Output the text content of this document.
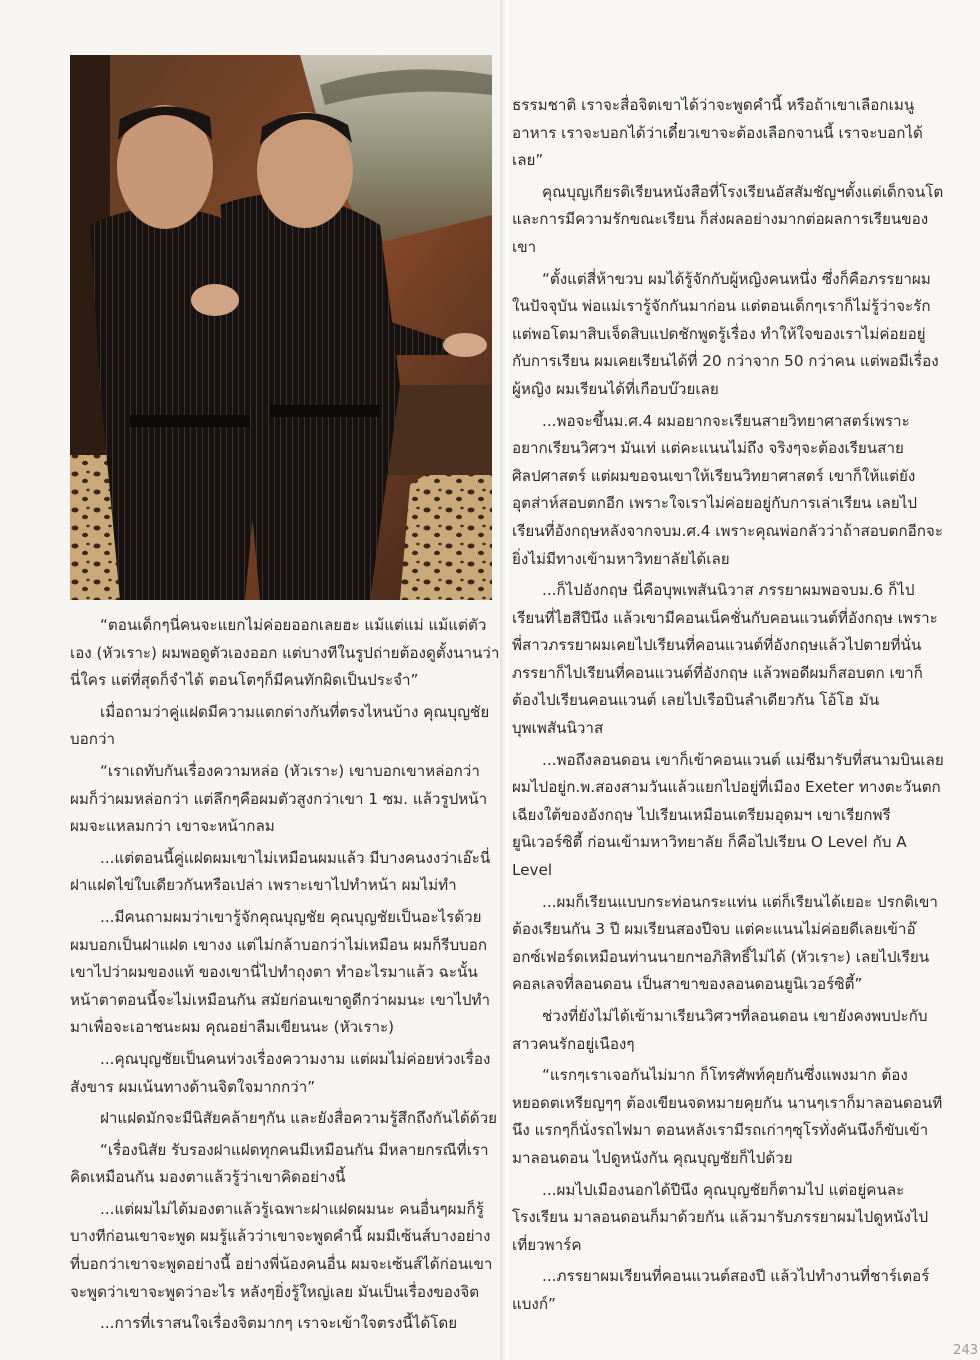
“ตอนเด็กๆนี่คนจะแยกไม่ค่อยออกเลยฮะ แม้แต่แม่ แม้แต่ตัวเอง (หัวเราะ) ผมพอดูตัวเองออก แต่บางทีในรูปถ่ายต้องดูตั้งนานว่านี่ใคร แต่ที่สุดก็จำได้ ตอนโตๆก็มีคนทักผิดเป็นประจำ”

เมื่อถามว่าคู่แฝดมีความแตกต่างกันที่ตรงไหนบ้าง คุณบุญชัยบอกว่า

“เราเถทับกันเรื่องความหล่อ (หัวเราะ) เขาบอกเขาหล่อกว่า ผมก็ว่าผมหล่อกว่า แต่ลึกๆคือผมตัวสูงกว่าเขา 1 ซม. แล้วรูปหน้าผมจะแหลมกว่า เขาจะหน้ากลม

...แต่ตอนนี้คู่แฝดผมเขาไม่เหมือนผมแล้ว มีบางคนงงว่าเอ๊ะนี่ฝาแฝดไข่ใบเดียวกันหรือเปล่า เพราะเขาไปทำหน้า ผมไม่ทำ

...มีคนถามผมว่าเขารู้จักคุณบุญชัย คุณบุญชัยเป็นอะไรด้วย ผมบอกเป็นฝาแฝด เขางง แต่ไม่กล้าบอกว่าไม่เหมือน ผมก็รีบบอกเขาไปว่าผมของแท้ ของเขานี่ไปทำถุงตา ทำอะไรมาแล้ว ฉะนั้นหน้าตาตอนนี้จะไม่เหมือนกัน สมัยก่อนเขาดูดีกว่าผมนะ เขาไปทำมาเพื่อจะเอาชนะผม คุณอย่าลืมเขียนนะ (หัวเราะ)

...คุณบุญชัยเป็นคนห่วงเรื่องความงาม แต่ผมไม่ค่อยห่วงเรื่องสังขาร ผมเน้นทางด้านจิตใจมากกว่า”

ฝาแฝดมักจะมีนิสัยคล้ายๆกัน และยังสื่อความรู้สึกถึงกันได้ด้วย

“เรื่องนิสัย รับรองฝาแฝดทุกคนมีเหมือนกัน มีหลายกรณีที่เราคิดเหมือนกัน มองตาแล้วรู้ว่าเขาคิดอย่างนี้

...แต่ผมไม่ได้มองตาแล้วรู้เฉพาะฝาแฝดผมนะ คนอื่นๆผมก็รู้บางทีก่อนเขาจะพูด ผมรู้แล้วว่าเขาจะพูดคำนี้ ผมมีเซ้นส์บางอย่างที่บอกว่าเขาจะพูดอย่างนี้ อย่างพี่น้องคนอื่น ผมจะเซ้นส์ได้ก่อนเขาจะพูดว่าเขาจะพูดว่าอะไร หลังๆยิ่งรู้ใหญ่เลย มันเป็นเรื่องของจิต

...การที่เราสนใจเรื่องจิตมากๆ เราจะเข้าใจตรงนี้ได้โดย

ธรรมชาติ เราจะสื่อจิตเขาได้ว่าจะพูดคำนี้ หรือถ้าเขาเลือกเมนูอาหาร เราจะบอกได้ว่าเดี๋ยวเขาจะต้องเลือกจานนี้ เราจะบอกได้เลย”

คุณบุญเกียรติเรียนหนังสือที่โรงเรียนอัสสัมชัญฯตั้งแต่เด็กจนโต และการมีความรักขณะเรียน ก็ส่งผลอย่างมากต่อผลการเรียนของเขา

“ตั้งแต่สี่ห้าขวบ ผมได้รู้จักกับผู้หญิงคนหนึ่ง ซึ่งก็คือภรรยาผมในปัจจุบัน พ่อแม่เรารู้จักกันมาก่อน แต่ตอนเด็กๆเราก็ไม่รู้ว่าจะรัก แต่พอโตมาสิบเจ็ดสิบแปดชักพูดรู้เรื่อง ทำให้ใจของเราไม่ค่อยอยู่กับการเรียน ผมเคยเรียนได้ที่ 20 กว่าจาก 50 กว่าคน แต่พอมีเรื่องผู้หญิง ผมเรียนได้ที่เกือบบ๊วยเลย

...พอจะขึ้นม.ศ.4 ผมอยากจะเรียนสายวิทยาศาสตร์เพราะอยากเรียนวิศวฯ มันเท่ แต่คะแนนไม่ถึง จริงๆจะต้องเรียนสายศิลปศาสตร์ แต่ผมขอจนเขาให้เรียนวิทยาศาสตร์ เขาก็ให้แต่ยังอุตส่าห์สอบตกอีก เพราะใจเราไม่ค่อยอยู่กับการเล่าเรียน เลยไปเรียนที่อังกฤษหลังจากจบม.ศ.4 เพราะคุณพ่อกลัวว่าถ้าสอบตกอีกจะยิ่งไม่มีทางเข้ามหาวิทยาลัยได้เลย

...ก็ไปอังกฤษ นี่คือบุพเพสันนิวาส ภรรยาผมพอจบม.6 ก็ไปเรียนที่ไฮสีปีนึง แล้วเขามีคอนเน็คชั่นกับคอนแวนต์ที่อังกฤษ เพราะพี่สาวภรรยาผมเคยไปเรียนที่คอนแวนต์ที่อังกฤษแล้วไปตายที่นั่น ภรรยาก็ไปเรียนที่คอนแวนต์ที่อังกฤษ แล้วพอดีผมก็สอบตก เขาก็ต้องไปเรียนคอนแวนต์ เลยไปเรือบินลำเดียวกัน โอ้โฮ มันบุพเพสันนิวาส

...พอถึงลอนดอน เขาก็เข้าคอนแวนต์ แม่ชีมารับที่สนามบินเลย ผมไปอยู่ก.พ.สองสามวันแล้วแยกไปอยู่ที่เมือง Exeter ทางตะวันตกเฉียงใต้ของอังกฤษ ไปเรียนเหมือนเตรียมอุดมฯ เขาเรียกพรี ยูนิเวอร์ซิตี้ ก่อนเข้ามหาวิทยาลัย ก็คือไปเรียน O Level กับ A Level

...ผมก็เรียนแบบกระท่อนกระแท่น แต่ก็เรียนได้เยอะ ปรกติเขาต้องเรียนกัน 3 ปี ผมเรียนสองปีจบ แต่คะแนนไม่ค่อยดีเลยเข้าอ๊อกซ์เฟอร์ดเหมือนท่านนายกฯอภิสิทธิ์ไม่ได้ (หัวเราะ) เลยไปเรียนคอลเลจที่ลอนดอน เป็นสาขาของลอนดอนยูนิเวอร์ซิตี้”

ช่วงที่ยังไม่ได้เข้ามาเรียนวิศวฯที่ลอนดอน เขายังคงพบปะกับสาวคนรักอยู่เนืองๆ

“แรกๆเราเจอกันไม่มาก ก็โทรศัพท์คุยกันซึ่งแพงมาก ต้องหยอดตเหรียญๆๆ ต้องเขียนจดหมายคุยกัน นานๆเราก็มาลอนดอนทีนึง แรกๆก็นั่งรถไฟมา ตอนหลังเรามีรถเก่าๆซุโรทั่งคันนึงก็ขับเข้ามาลอนดอน ไปดูหนังกัน คุณบุญชัยก็ไปด้วย

...ผมไปเมืองนอกได้ปีนึง คุณบุญชัยก็ตามไป แต่อยู่คนละโรงเรียน มาลอนดอนก็มาด้วยกัน แล้วมารับภรรยาผมไปดูหนังไปเที่ยวพาร์ค

...ภรรยาผมเรียนที่คอนแวนต์สองปี แล้วไปทำงานที่ชาร์เตอร์แบงก์”

243
